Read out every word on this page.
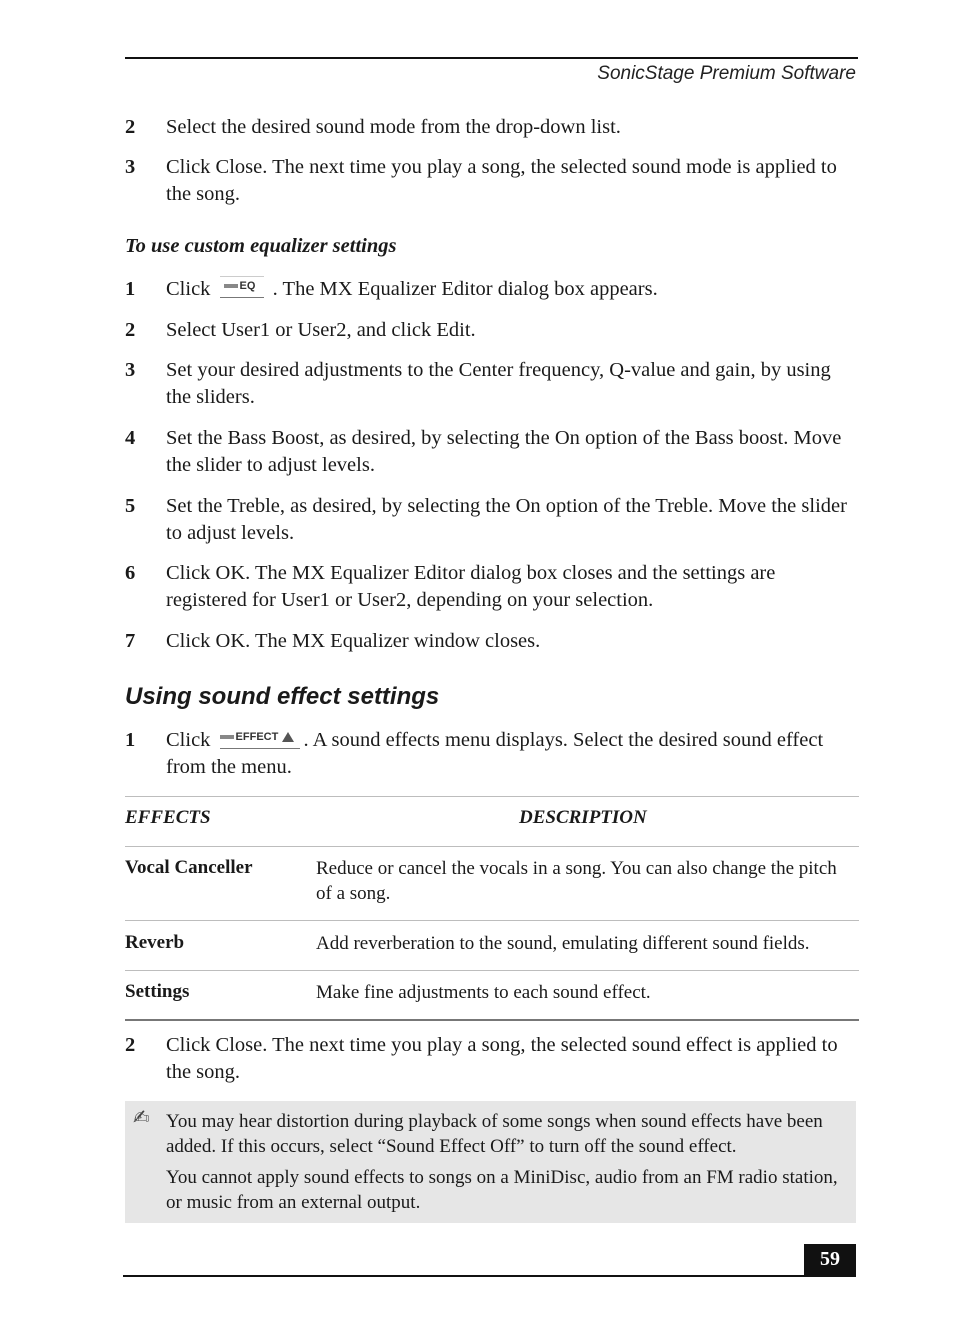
SonicStage Premium Software
2 Select the desired sound mode from the drop-down list.
3 Click Close. The next time you play a song, the selected sound mode is applied to the song.
To use custom equalizer settings
1 Click	EQ . The MX Equalizer Editor dialog box appears.
2 Select User1 or User2, and click Edit.
3 Set your desired adjustments to the Center frequency, Q-value and gain, by using the sliders.
4 Set the Bass Boost, as desired, by selecting the On option of the Bass boost. Move the slider to adjust levels.
5 Set the Treble, as desired, by selecting the On option of the Treble. Move the slider to adjust levels.
6 Click OK. The MX Equalizer Editor dialog box closes and the settings are registered for User1 or User2, depending on your selection.
7 Click OK. The MX Equalizer window closes.
Using sound effect settings
1 Click EFFECT . A sound effects menu displays. Select the desired sound effect from the menu.
EFFECTS	DESCRIPTION
Vocal Canceller	Reduce or cancel the vocals in a song. You can also change the pitch of a song.
Reverb	Add reverberation to the sound, emulating different sound fields.
Settings	Make fine adjustments to each sound effect.
2 Click Close. The next time you play a song, the selected sound effect is applied to the song.
✍ You may hear distortion during playback of some songs when sound effects have been added. If this occurs, select “Sound Effect Off” to turn off the sound effect.

You cannot apply sound effects to songs on a MiniDisc, audio from an FM radio station, or music from an external output.

59
